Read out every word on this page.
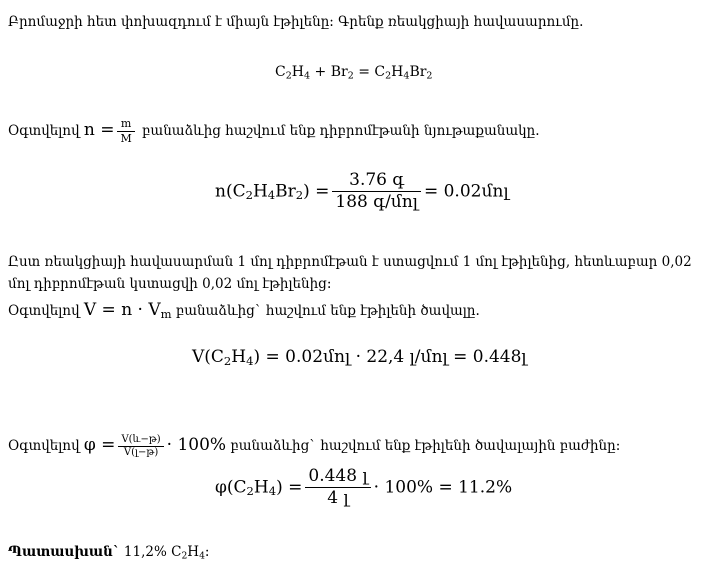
Բրոմաջրի հետ փոխազդում է միայն էթիլենը: Գրենք ռեակցիայի հավասարումը.
$C_2H_4 + Br_2 = C_2H_4Br_2$
Օգտվելով $n = \frac{m}{M}$ բանաձևից հաշվում ենք դիբրոմէթանի նյութաքանակը.
$n(C_2H_4Br_2) = \frac{\text{3.76 գ}}{\text{188 գ/մոլ}}$ = 0.02մոլ
Ըստ ռեակցիայի հավասարման 1 մոլ դիբրոմէթան է ստացվում 1 մոլ էթիլենից, հետևաբար 0,02
մոլ դիբրոմէթան կստացվի 0,02 մոլ էթիլենից:
Օգտվելով $V = n \cdot V_m$ բանաձևից` հաշվում ենք էթիլենի ծավալը.
$V(C_2H_4)$ = 0.02մոլ · 22,4 լ/մոլ = 0.448լ
Օգտվելով $\varphi = \frac{\text{V(և−թ)}}{\text{V(լ−թ)}} \cdot 100\%$ բանաձևից` հաշվում ենք էթիլենի ծավալային բաժինը:
$\varphi(C_2H_4) = \frac{\text{0.448 լ}}{\text{4 լ}} \cdot 100\% = 11.2\%$
Պատասխան` 11,2% $C_2H_4$:
